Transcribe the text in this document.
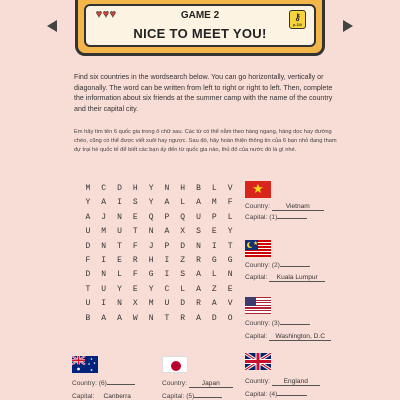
♥♥♥	GAME 2
NICE TO MEET YOU!
⚷
p.119
Find six countries in the wordsearch below. You can go horizontally, vertically or diagonally. The word can be written from left to right or right to left. Then, complete the information about six friends at the summer camp with the name of the country and their capital city.
Em hãy tìm tên 6 quốc gia trong ô chữ sau. Các từ có thể nằm theo hàng ngang, hàng dọc hay đường chéo, cũng có thể được viết xuôi hay ngược. Sau đó, hãy hoàn thiện thông tin của 6 bạn nhỏ đang tham dự trại hè quốc tế để biết các bạn ấy đến từ quốc gia nào, thủ đô của nước đó là gì nhé.
M	C	D	H	Y	N	H	B	L	V
Y	A	I	S	Y	A	L	A	M	F
A	J	N	E	Q	P	Q	U	P	L
U	M	U	T	N	A	X	S	E	Y
D	N	T	F	J	P	D	N	I	T
F	I	E	R	H	I	Z	R	G	G
D	N	L	F	G	I	S	A	L	N
T	U	Y	E	Y	C	L	A	Z	E
U	I	N	X	M	U	D	R	A	V
B	A	A	W	N	T	R	A	D	O
★
Country: Vietnam
Capital: (1)
★
Country: (2)
Capital: Kuala Lumpur
Country: (3)
Capital: Washington, D.C
Country: (6)
Capital: Canberra
Country: Japan
Capital: (5)
Country: England
Capital: (4)
